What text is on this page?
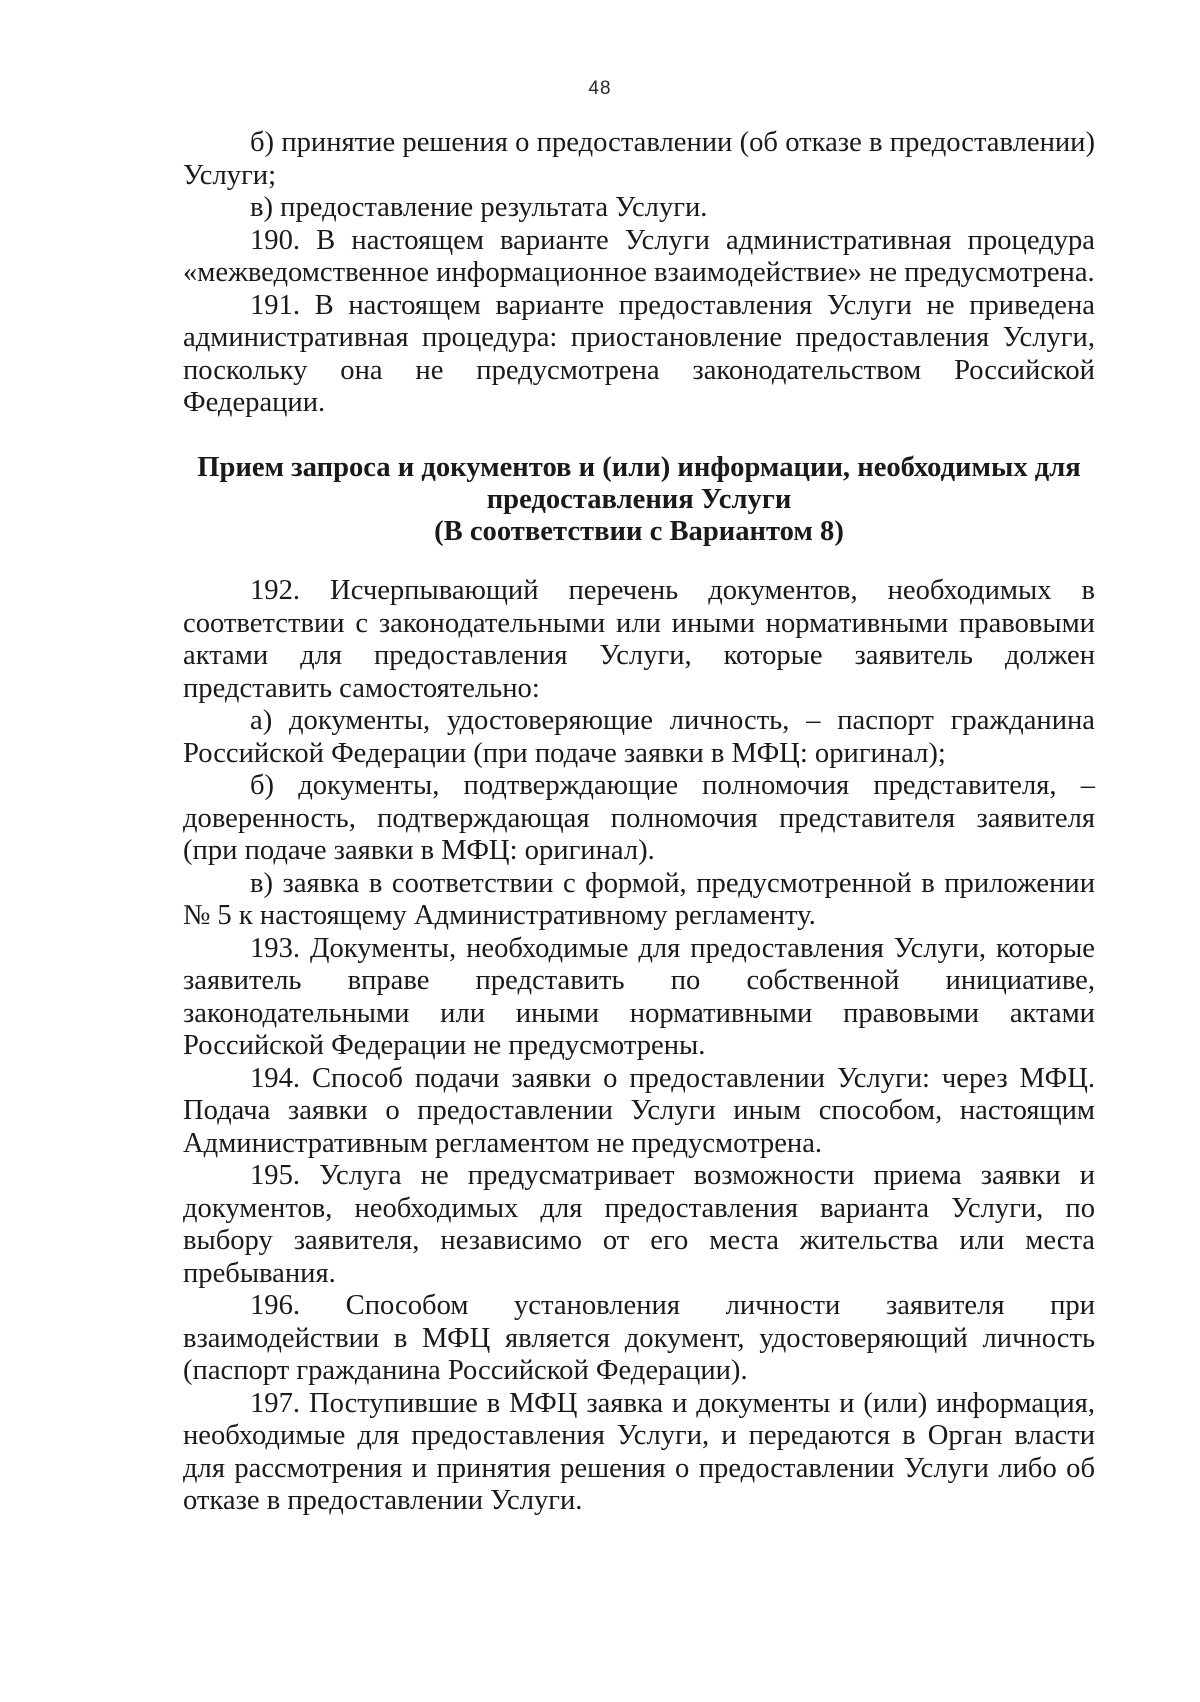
48

б) принятие решения о предоставлении (об отказе в предоставлении) Услуги;

в) предоставление результата Услуги.

190. В настоящем варианте Услуги административная процедура «межведомственное информационное взаимодействие» не предусмотрена.

191. В настоящем варианте предоставления Услуги не приведена административная процедура: приостановление предоставления Услуги, поскольку она не предусмотрена законодательством Российской Федерации.

Прием запроса и документов и (или) информации, необходимых для
предоставления Услуги
(В соответствии с Вариантом 8)

192. Исчерпывающий перечень документов, необходимых в соответствии с законодательными или иными нормативными правовыми актами для предоставления Услуги, которые заявитель должен представить самостоятельно:

а) документы, удостоверяющие личность, – паспорт гражданина Российской Федерации (при подаче заявки в МФЦ: оригинал);

б) документы, подтверждающие полномочия представителя, – доверенность, подтверждающая полномочия представителя заявителя (при подаче заявки в МФЦ: оригинал).

в) заявка в соответствии с формой, предусмотренной в приложении № 5 к настоящему Административному регламенту.

193. Документы, необходимые для предоставления Услуги, которые заявитель вправе представить по собственной инициативе, законодательными или иными нормативными правовыми актами Российской Федерации не предусмотрены.

194. Способ подачи заявки о предоставлении Услуги: через МФЦ. Подача заявки о предоставлении Услуги иным способом, настоящим Административным регламентом не предусмотрена.

195. Услуга не предусматривает возможности приема заявки и документов, необходимых для предоставления варианта Услуги, по выбору заявителя, независимо от его места жительства или места пребывания.

196. Способом установления личности заявителя при взаимодействии в МФЦ является документ, удостоверяющий личность (паспорт гражданина Российской Федерации).

197. Поступившие в МФЦ заявка и документы и (или) информация, необходимые для предоставления Услуги, и передаются в Орган власти для рассмотрения и принятия решения о предоставлении Услуги либо об отказе в предоставлении Услуги.
